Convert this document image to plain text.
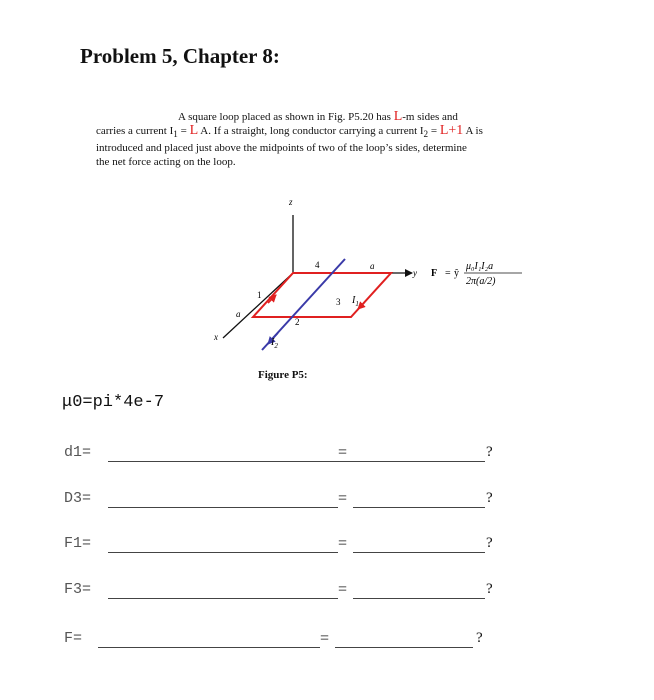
Problem 5, Chapter 8:
A square loop placed as shown in Fig. P5.20 has L-m sides and
carries a current $I_1 = L$ A. If a straight, long conductor carrying a current $I_2 = L+1$ A is
introduced and placed just above the midpoints of two of the loop’s sides, determine
the net force acting on the loop.
z
y
x
a
a
1
2
3
4
$I_1$
$I_2$
F = ŷ
μ₀I₁I₂a
2π(a/2)
Figure P5:
μ0=pi*4e-7
d1=	=	?
D3=	=	?
F1=	=	?
F3=	=	?
F=	=	?
